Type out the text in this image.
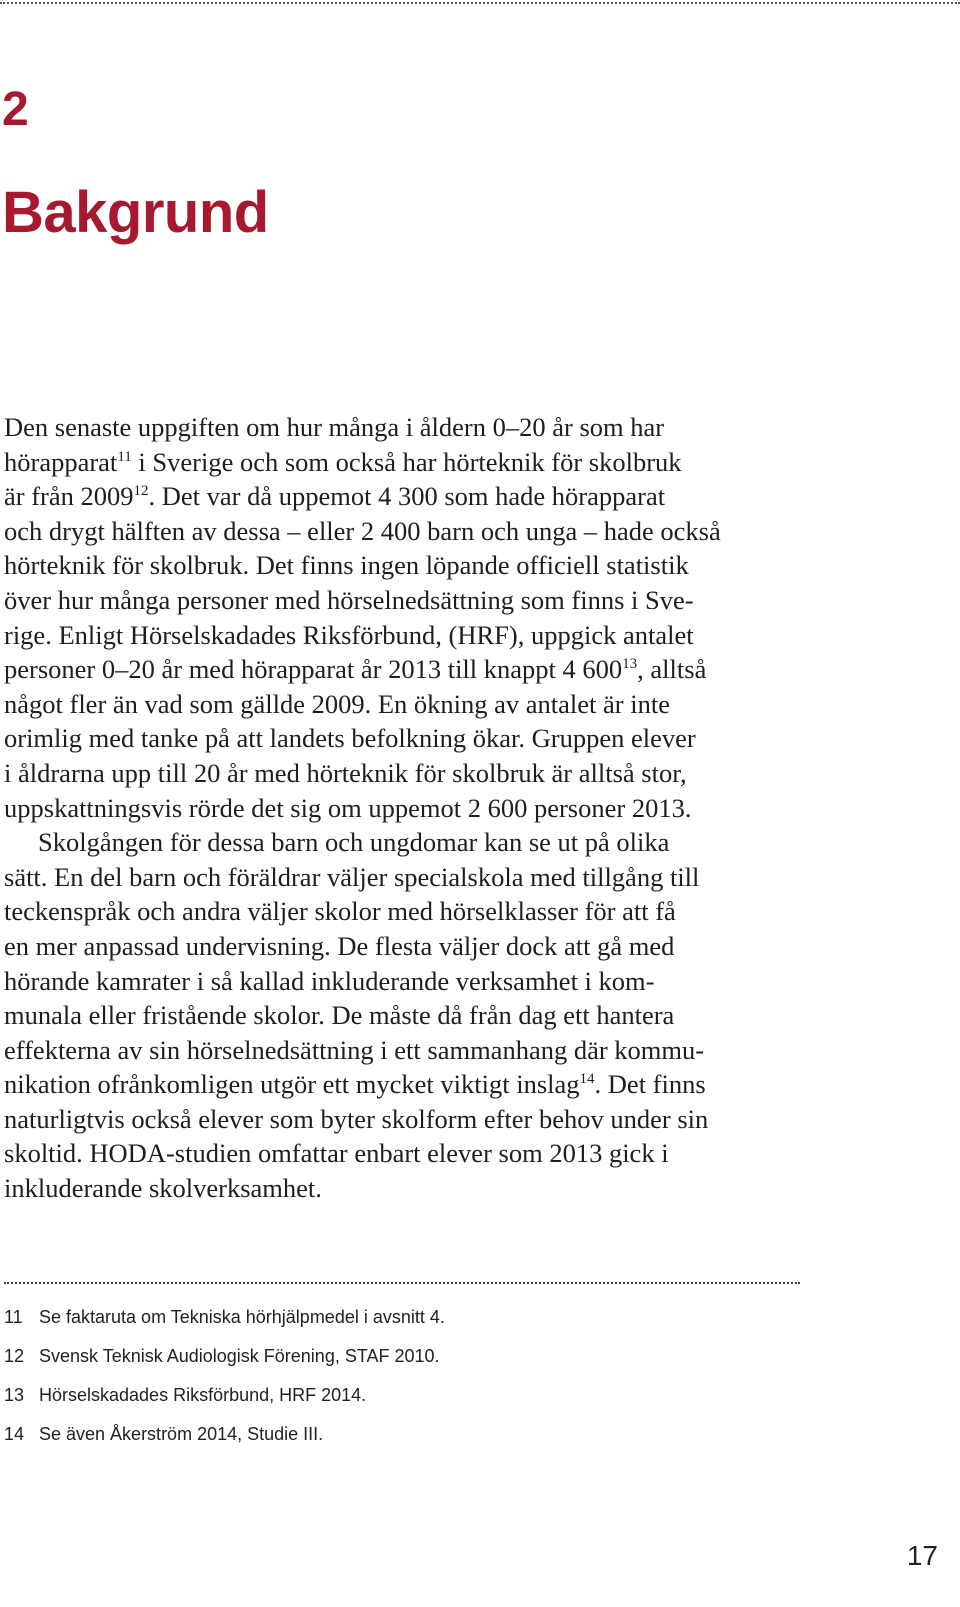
2
Bakgrund

Den senaste uppgiften om hur många i åldern 0–20 år som har

hörapparat$^{11}$ i Sverige och som också har hörteknik för skolbruk

är från 2009$^{12}$. Det var då uppemot 4 300 som hade hörapparat

och drygt hälften av dessa – eller 2 400 barn och unga – hade också

hörteknik för skolbruk. Det finns ingen löpande officiell statistik

över hur många personer med hörselnedsättning som finns i Sve-

rige. Enligt Hörselskadades Riksförbund, (HRF), uppgick antalet

personer 0–20 år med hörapparat år 2013 till knappt 4 $600^{13}$, alltså

något fler än vad som gällde 2009. En ökning av antalet är inte

orimlig med tanke på att landets befolkning ökar. Gruppen elever

i åldrarna upp till 20 år med hörteknik för skolbruk är alltså stor,

uppskattningsvis rörde det sig om uppemot 2 600 personer 2013.

Skolgången för dessa barn och ungdomar kan se ut på olika

sätt. En del barn och föräldrar väljer specialskola med tillgång till

teckenspråk och andra väljer skolor med hörselklasser för att få

en mer anpassad undervisning. De flesta väljer dock att gå med

hörande kamrater i så kallad inkluderande verksamhet i kom-

munala eller fristående skolor. De måste då från dag ett hantera

effekterna av sin hörselnedsättning i ett sammanhang där kommu-

nikation ofrånkomligen utgör ett mycket viktigt inslag$^{14}$. Det finns

naturligtvis också elever som byter skolform efter behov under sin

skoltid. HODA-studien omfattar enbart elever som 2013 gick i

inkluderande skolverksamhet.

11 Se faktaruta om Tekniska hörhjälpmedel i avsnitt 4.
12 Svensk Teknisk Audiologisk Förening, STAF 2010.
13 Hörselskadades Riksförbund, HRF 2014.
14 Se även Åkerström 2014, Studie III.
17
